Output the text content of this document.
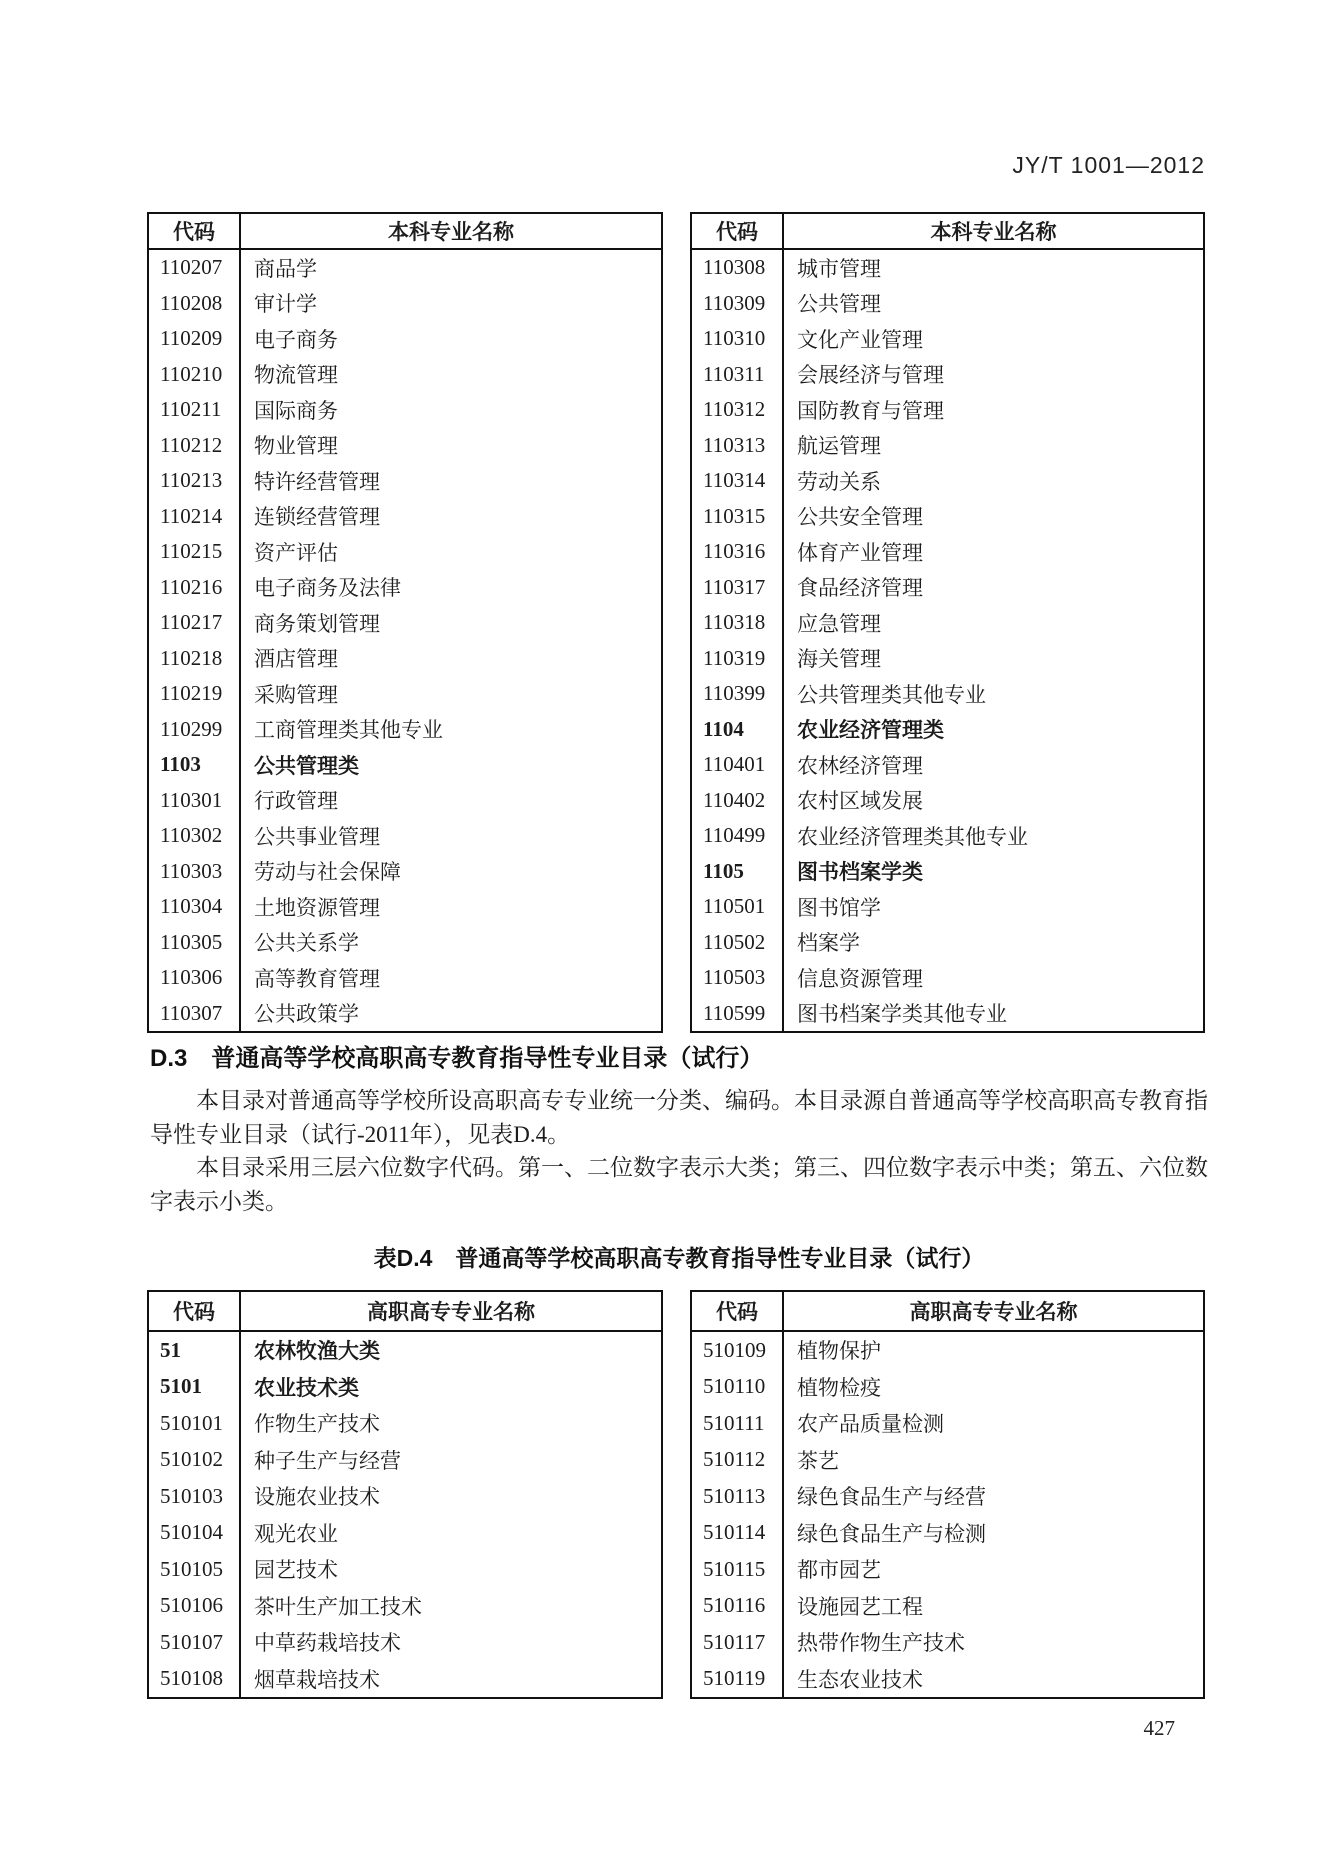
JY/T 1001—2012
代码	本科专业名称
110207	商品学
110208	审计学
110209	电子商务
110210	物流管理
110211	国际商务
110212	物业管理
110213	特许经营管理
110214	连锁经营管理
110215	资产评估
110216	电子商务及法律
110217	商务策划管理
110218	酒店管理
110219	采购管理
110299	工商管理类其他专业
1103	公共管理类
110301	行政管理
110302	公共事业管理
110303	劳动与社会保障
110304	土地资源管理
110305	公共关系学
110306	高等教育管理
110307	公共政策学
代码	本科专业名称
110308	城市管理
110309	公共管理
110310	文化产业管理
110311	会展经济与管理
110312	国防教育与管理
110313	航运管理
110314	劳动关系
110315	公共安全管理
110316	体育产业管理
110317	食品经济管理
110318	应急管理
110319	海关管理
110399	公共管理类其他专业
1104	农业经济管理类
110401	农林经济管理
110402	农村区域发展
110499	农业经济管理类其他专业
1105	图书档案学类
110501	图书馆学
110502	档案学
110503	信息资源管理
110599	图书档案学类其他专业
D.3　普通高等学校高职高专教育指导性专业目录（试行）

本目录对普通高等学校所设高职高专专业统一分类、编码。本目录源自普通高等学校高职高专教育指导性专业目录（试行-2011年），见表D.4。

本目录采用三层六位数字代码。第一、二位数字表示大类；第三、四位数字表示中类；第五、六位数字表示小类。

表D.4　普通高等学校高职高专教育指导性专业目录（试行）
代码	高职高专专业名称
51	农林牧渔大类
5101	农业技术类
510101	作物生产技术
510102	种子生产与经营
510103	设施农业技术
510104	观光农业
510105	园艺技术
510106	茶叶生产加工技术
510107	中草药栽培技术
510108	烟草栽培技术
代码	高职高专专业名称
510109	植物保护
510110	植物检疫
510111	农产品质量检测
510112	茶艺
510113	绿色食品生产与经营
510114	绿色食品生产与检测
510115	都市园艺
510116	设施园艺工程
510117	热带作物生产技术
510119	生态农业技术
427
